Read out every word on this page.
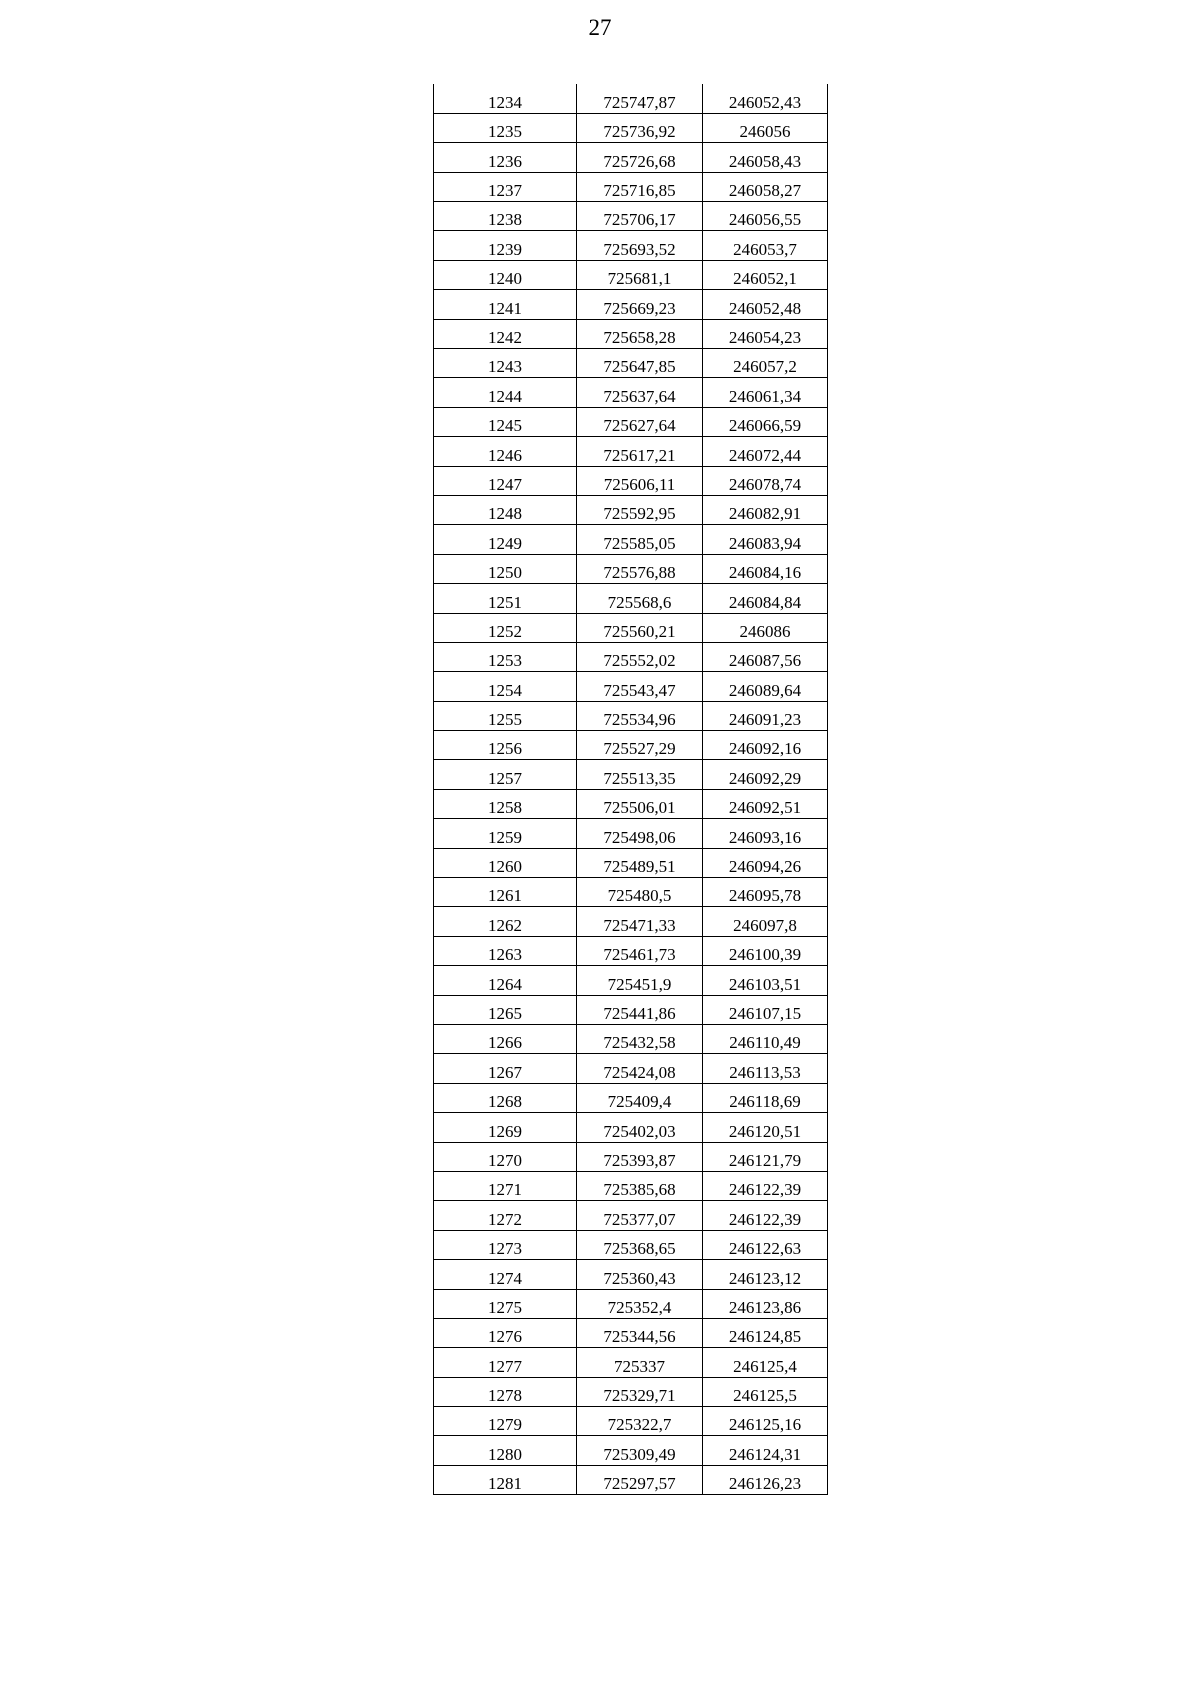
27
1234	725747,87	246052,43
1235	725736,92	246056
1236	725726,68	246058,43
1237	725716,85	246058,27
1238	725706,17	246056,55
1239	725693,52	246053,7
1240	725681,1	246052,1
1241	725669,23	246052,48
1242	725658,28	246054,23
1243	725647,85	246057,2
1244	725637,64	246061,34
1245	725627,64	246066,59
1246	725617,21	246072,44
1247	725606,11	246078,74
1248	725592,95	246082,91
1249	725585,05	246083,94
1250	725576,88	246084,16
1251	725568,6	246084,84
1252	725560,21	246086
1253	725552,02	246087,56
1254	725543,47	246089,64
1255	725534,96	246091,23
1256	725527,29	246092,16
1257	725513,35	246092,29
1258	725506,01	246092,51
1259	725498,06	246093,16
1260	725489,51	246094,26
1261	725480,5	246095,78
1262	725471,33	246097,8
1263	725461,73	246100,39
1264	725451,9	246103,51
1265	725441,86	246107,15
1266	725432,58	246110,49
1267	725424,08	246113,53
1268	725409,4	246118,69
1269	725402,03	246120,51
1270	725393,87	246121,79
1271	725385,68	246122,39
1272	725377,07	246122,39
1273	725368,65	246122,63
1274	725360,43	246123,12
1275	725352,4	246123,86
1276	725344,56	246124,85
1277	725337	246125,4
1278	725329,71	246125,5
1279	725322,7	246125,16
1280	725309,49	246124,31
1281	725297,57	246126,23
